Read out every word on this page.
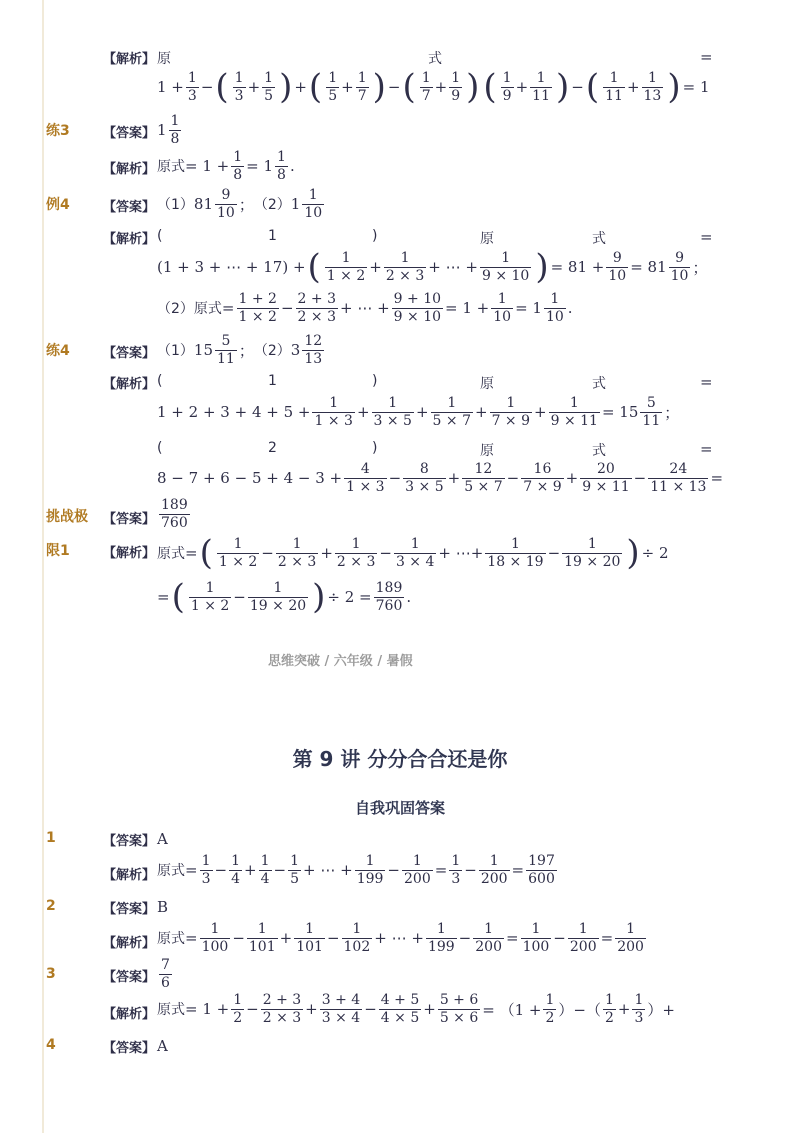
【解析】 原	式	=
$1 + \frac{1}{3}$ − ( $\frac{1}{3} + \frac{1}{5}$ ) + ( $\frac{1}{5} + \frac{1}{7}$ ) − ( $\frac{1}{7} + \frac{1}{9}$ ) ( $\frac{1}{9} + \frac{1}{11}$ ) − ( $\frac{1}{11} + \frac{1}{13}$ ) = 1
练3	【答案】 $1 \frac{1}{8}$
【解析】 原式 = $1 + \frac{1}{8} = 1 \frac{1}{8}$ .
例4	【答案】 （1） $81 \frac{9}{10}$ ； （2） $1 \frac{1}{10}$
【解析】 (	1	)	原	式	=
(1 + 3 + ⋯ + 17) + ( $\frac{1}{1 \times 2} + \frac{1}{2 \times 3}$ + ⋯ + $\frac{1}{9 \times 10}$ ) = $81 + \frac{9}{10} = 81 \frac{9}{10}$ ；
（2） 原式 = $\frac{1 + 2}{1 \times 2} - \frac{2 + 3}{2 \times 3}$ + ⋯ + $\frac{9 + 10}{9 \times 10} = 1 + \frac{1}{10} = 1 \frac{1}{10}$ .
练4	【答案】 （1） $15 \frac{5}{11}$ ； （2） $3 \frac{12}{13}$
【解析】 (	1	)	原	式	=
$1 + 2 + 3 + 4 + 5 + \frac{1}{1 \times 3} + \frac{1}{3 \times 5} + \frac{1}{5 \times 7} + \frac{1}{7 \times 9} + \frac{1}{9 \times 11} = 15 \frac{5}{11}$ ；
(	2	)	原	式	=
$8 - 7 + 6 - 5 + 4 - 3 + \frac{4}{1 \times 3} - \frac{8}{3 \times 5} + \frac{12}{5 \times 7} - \frac{16}{7 \times 9} + \frac{20}{9 \times 11} - \frac{24}{11 \times 13}$ =
挑战极 【答案】 $\frac{189}{760}$
限1	【解析】 原式 = ( $\frac{1}{1 \times 2} - \frac{1}{2 \times 3} + \frac{1}{2 \times 3} - \frac{1}{3 \times 4}$ + ⋯+ $\frac{1}{18 \times 19} - \frac{1}{19 \times 20}$ ) ÷ 2
= ( $\frac{1}{1 \times 2} - \frac{1}{19 \times 20}$ ) ÷ $2 = \frac{189}{760}$ .
思维突破 / 六年级 / 暑假
第 9 讲 分分合合还是你
自我巩固答案
1	【答案】 A
【解析】 原式 = $\frac{1}{3} - \frac{1}{4} + \frac{1}{4} - \frac{1}{5}$ + ⋯ + $\frac{1}{199} - \frac{1}{200} = \frac{1}{3} - \frac{1}{200} = \frac{197}{600}$
2	【答案】 B
【解析】 原式 = $\frac{1}{100} - \frac{1}{101} + \frac{1}{101} - \frac{1}{102}$ + ⋯ + $\frac{1}{199} - \frac{1}{200} = \frac{1}{100} - \frac{1}{200} = \frac{1}{200}$
3	【答案】 $\frac{7}{6}$
【解析】 原式 = $1 + \frac{1}{2} - \frac{2 + 3}{2 \times 3} + \frac{3 + 4}{3 \times 4} - \frac{4 + 5}{4 \times 5} + \frac{5 + 6}{5 \times 6} = (1 + \frac{1}{2}$ ）−（ $\frac{1}{2} + \frac{1}{3}$ ）+
4	【答案】 A
